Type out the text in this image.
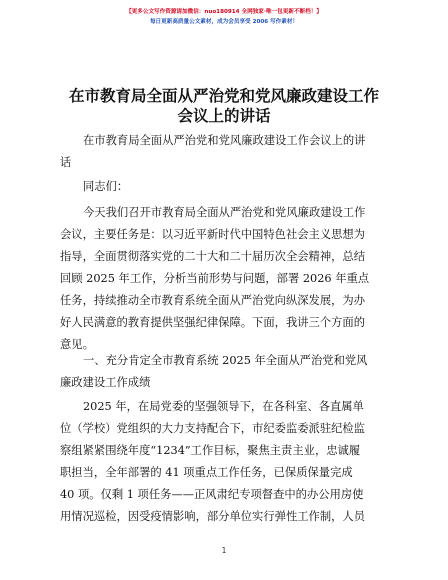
【更多公文写作资源请加微信：nuo180914 全网独家·唯一包更新不断档！】
每日更新高质量公文素材，成为会员享受 2006 写作素材！
在市教育局全面从严治党和党风廉政建设工作
会议上的讲话
在市教育局全面从严治党和党风廉政建设工作会议上的讲
话
同志们：
今天我们召开市教育局全面从严治党和党风廉政建设工作
会议，主要任务是：以习近平新时代中国特色社会主义思想为
指导，全面贯彻落实党的二十大和二十届历次全会精神，总结
回顾 2025 年工作，分析当前形势与问题，部署 2026 年重点
任务，持续推动全市教育系统全面从严治党向纵深发展，为办
好人民满意的教育提供坚强纪律保障。下面，我讲三个方面的
意见。
一、充分肯定全市教育系统 2025 年全面从严治党和党风
廉政建设工作成绩
2025 年，在局党委的坚强领导下，在各科室、各直属单
位（学校）党组织的大力支持配合下，市纪委监委派驻纪检监
察组紧紧围绕年度“1234”工作目标，聚焦主责主业，忠诚履
职担当，全年部署的 41 项重点工作任务，已保质保量完成
40 项。仅剩 1 项任务——正风肃纪专项督查中的办公用房使
用情况巡检，因受疫情影响，部分单位实行弹性工作制，人员
1
